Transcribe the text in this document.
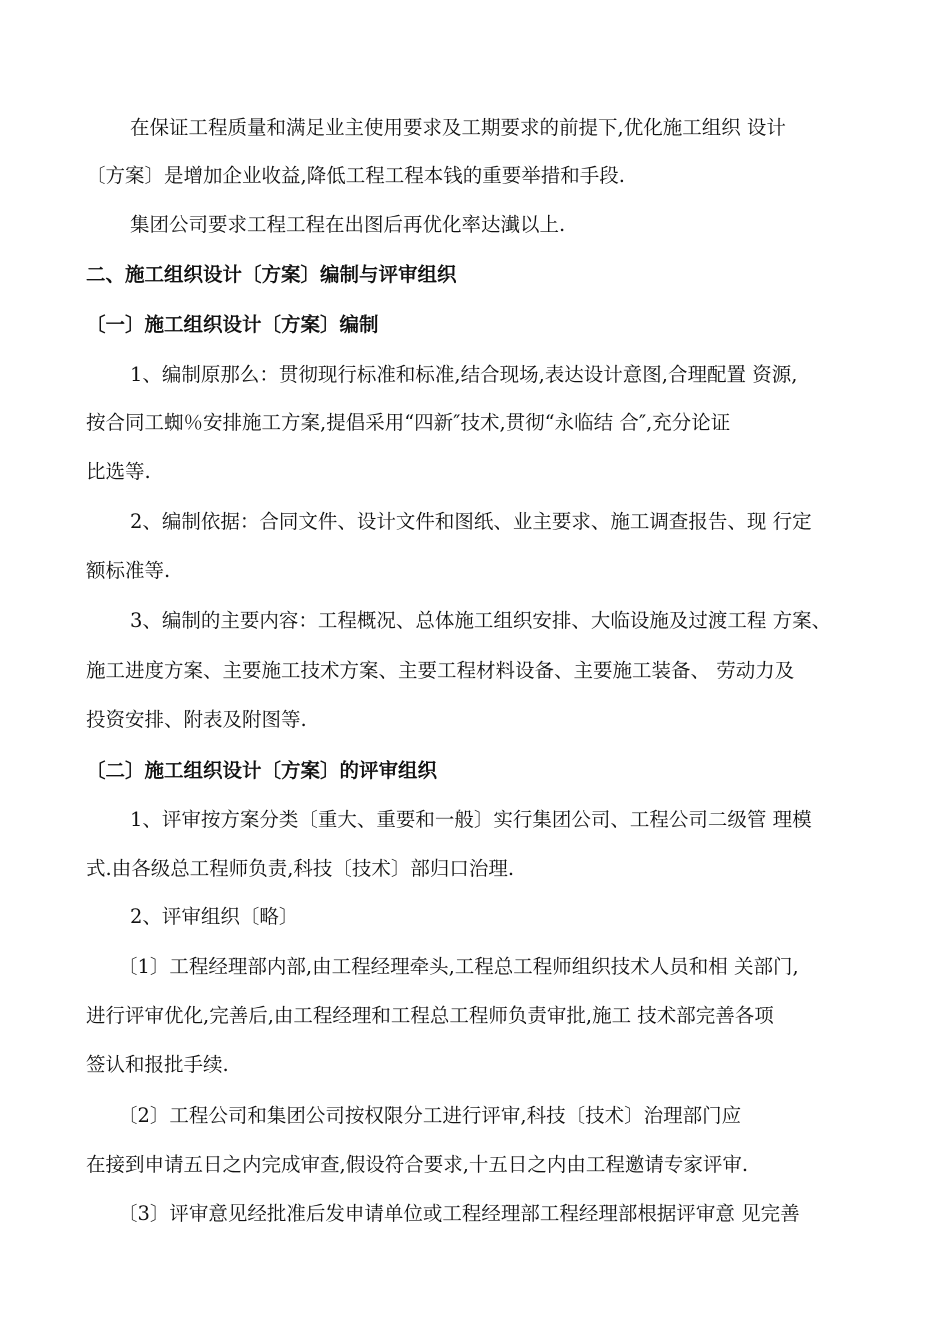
在保证工程质量和满足业主使用要求及工期要求的前提下,优化施工组织 设计
〔方案〕是增加企业收益,降低工程工程本钱的重要举措和手段.
集团公司要求工程工程在出图后再优化率达瀐以上.
二、施工组织设计〔方案〕编制与评审组织
〔一〕施工组织设计〔方案〕编制
1、编制原那么：贯彻现行标准和标准,结合现场,表达设计意图,合理配置 资源,
按合同工蜘％安排施工方案,提倡采用“四新″技术,贯彻“永临结 合″,充分论证
比选等.
2、编制依据：合同文件、设计文件和图纸、业主要求、施工调查报告、现 行定
额标准等.
3、编制的主要内容：工程概况、总体施工组织安排、大临设施及过渡工程 方案、
施工进度方案、主要施工技术方案、主要工程材料设备、主要施工装备、 劳动力及
投资安排、附表及附图等.
〔二〕施工组织设计〔方案〕的评审组织
1、评审按方案分类〔重大、重要和一般〕实行集团公司、工程公司二级管 理模
式.由各级总工程师负责,科技〔技术〕部归口治理.
2、评审组织〔略〕
〔1〕工程经理部内部,由工程经理牵头,工程总工程师组织技术人员和相 关部门,
进行评审优化,完善后,由工程经理和工程总工程师负责审批,施工 技术部完善各项
签认和报批手续.
〔2〕工程公司和集团公司按权限分工进行评审,科技〔技术〕治理部门应
在接到申请五日之内完成审查,假设符合要求,十五日之内由工程邀请专家评审.
〔3〕评审意见经批准后发申请单位或工程经理部工程经理部根据评审意 见完善
